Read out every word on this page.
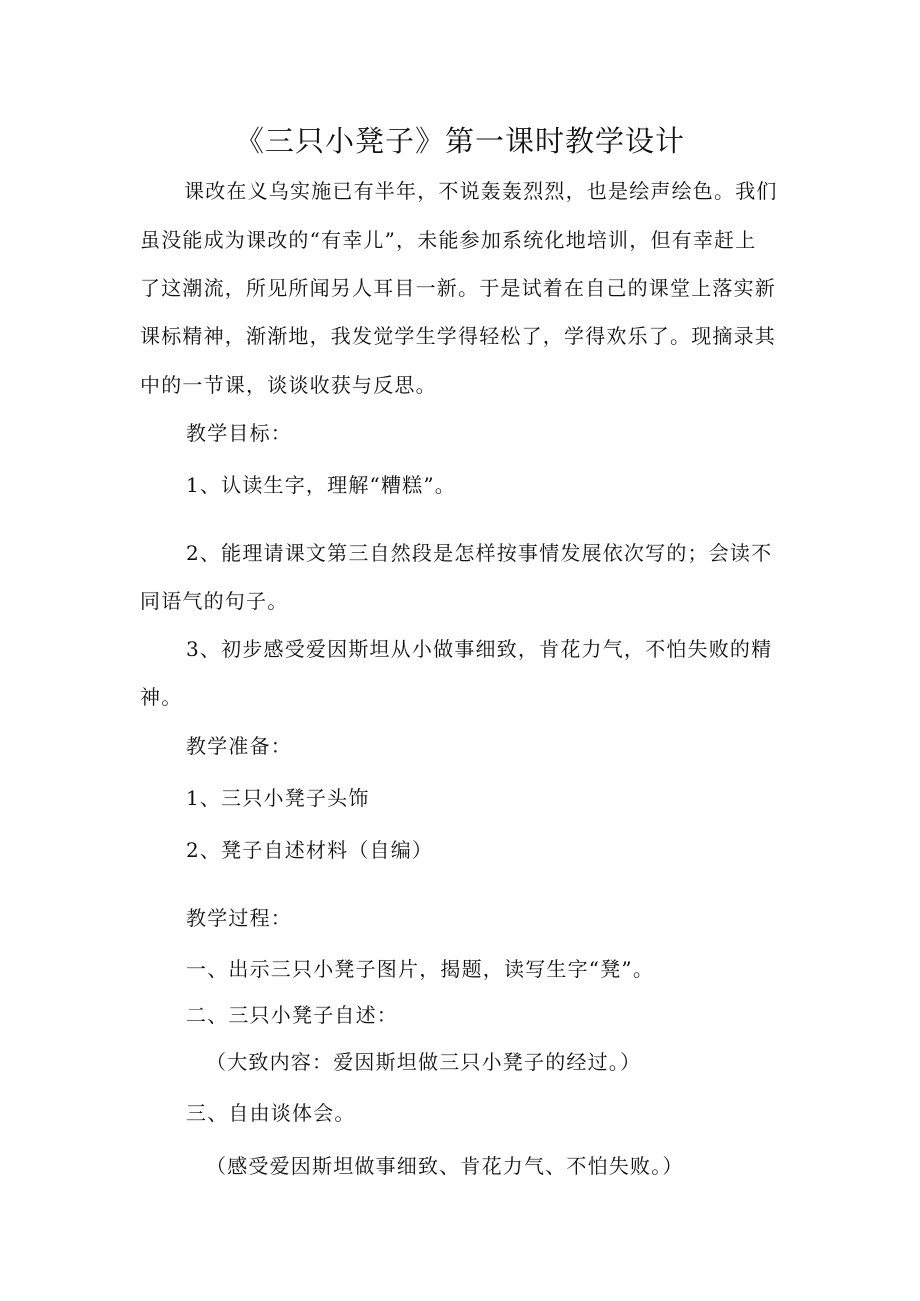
《三只小凳子》第一课时教学设计

课改在义乌实施已有半年，不说轰轰烈烈，也是绘声绘色。我们

虽没能成为课改的“有幸儿”，未能参加系统化地培训，但有幸赶上

了这潮流，所见所闻另人耳目一新。于是试着在自己的课堂上落实新

课标精神，渐渐地，我发觉学生学得轻松了，学得欢乐了。现摘录其

中的一节课，谈谈收获与反思。

教学目标：

1、认读生字，理解“糟糕”。

2、能理请课文第三自然段是怎样按事情发展依次写的；会读不

同语气的句子。

3、初步感受爱因斯坦从小做事细致，肯花力气，不怕失败的精

神。

教学准备：

1、三只小凳子头饰

2、凳子自述材料（自编）

教学过程：

一、出示三只小凳子图片，揭题，读写生字“凳”。

二、三只小凳子自述：

（大致内容：爱因斯坦做三只小凳子的经过。）

三、自由谈体会。

（感受爱因斯坦做事细致、肯花力气、不怕失败。）
